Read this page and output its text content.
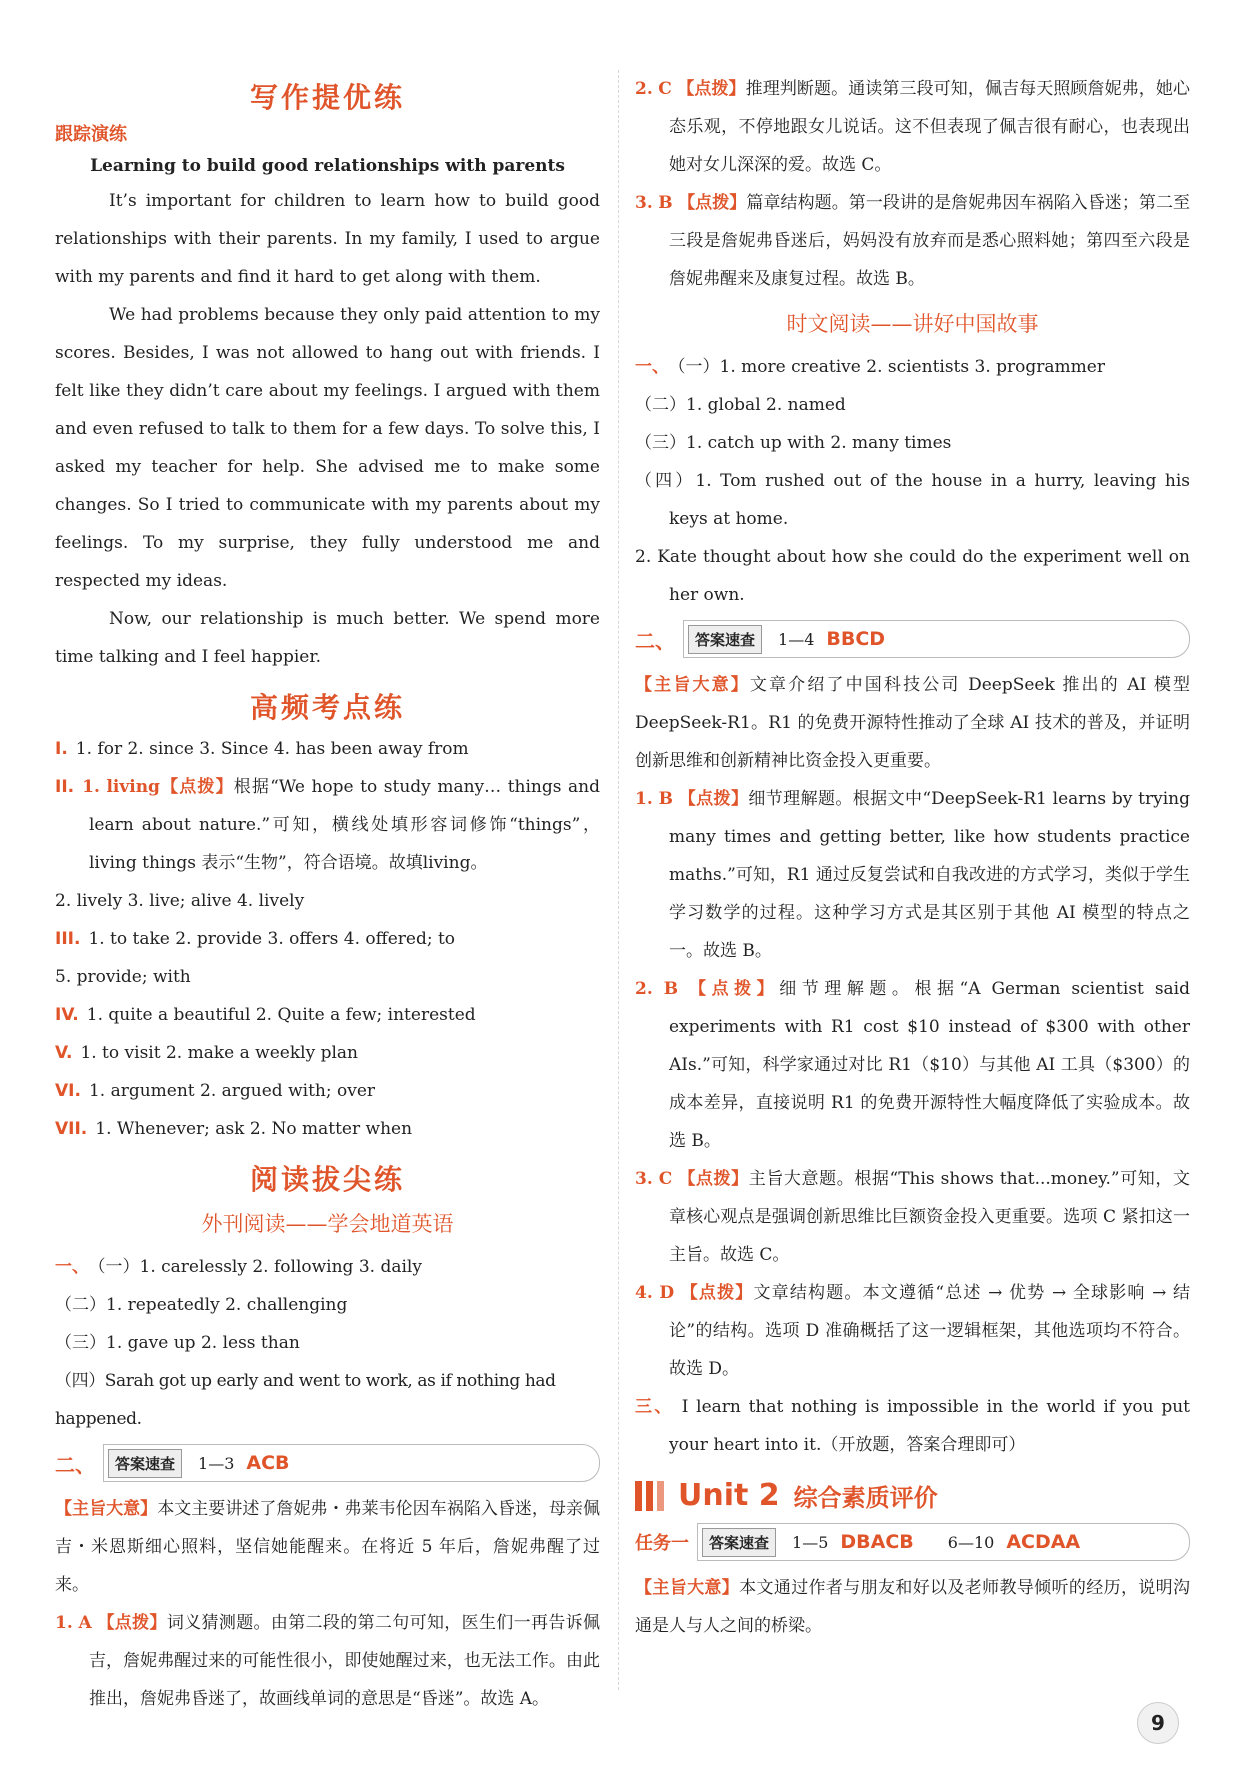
写作提优练
跟踪演练
Learning to build good relationships with parents

It’s important for children to learn how to build good relationships with their parents. In my family, I used to argue with my parents and find it hard to get along with them.

We had problems because they only paid attention to my scores. Besides, I was not allowed to hang out with friends. I felt like they didn’t care about my feelings. I argued with them and even refused to talk to them for a few days. To solve this, I asked my teacher for help. She advised me to make some changes. So I tried to communicate with my parents about my feelings. To my surprise, they fully understood me and respected my ideas.

Now, our relationship is much better. We spend more time talking and I feel happier.

高频考点练

I. 1. for 2. since 3. Since 4. has been away from

II. 1. living【点拨】根据“We hope to study many… things and learn about nature.”可知，横线处填形容词修饰“things”，living things 表示“生物”，符合语境。故填living。

2. lively 3. live; alive 4. lively

III. 1. to take 2. provide 3. offers 4. offered; to

5. provide; with

IV. 1. quite a beautiful 2. Quite a few; interested

V. 1. to visit 2. make a weekly plan

VI. 1. argument 2. argued with; over

VII. 1. Whenever; ask 2. No matter when

阅读拔尖练
外刊阅读——学会地道英语

一、 （一）1. carelessly 2. following 3. daily

（二）1. repeatedly 2. challenging

（三）1. gave up 2. less than

（四）Sarah got up early and went to work, as if nothing had happened.

二、	答案速查	1—3 ACB

【主旨大意】本文主要讲述了詹妮弗・弗莱韦伦因车祸陷入昏迷，母亲佩吉・米恩斯细心照料，坚信她能醒来。在将近 5 年后，詹妮弗醒了过来。

1. A 【点拨】词义猜测题。由第二段的第二句可知，医生们一再告诉佩吉，詹妮弗醒过来的可能性很小，即使她醒过来，也无法工作。由此推出，詹妮弗昏迷了，故画线单词的意思是“昏迷”。故选 A。

2. C 【点拨】推理判断题。通读第三段可知，佩吉每天照顾詹妮弗，她心态乐观，不停地跟女儿说话。这不但表现了佩吉很有耐心，也表现出她对女儿深深的爱。故选 C。

3. B 【点拨】篇章结构题。第一段讲的是詹妮弗因车祸陷入昏迷；第二至三段是詹妮弗昏迷后，妈妈没有放弃而是悉心照料她；第四至六段是詹妮弗醒来及康复过程。故选 B。

时文阅读——讲好中国故事

一、 （一）1. more creative 2. scientists 3. programmer

（二）1. global 2. named

（三）1. catch up with 2. many times

（四）1. Tom rushed out of the house in a hurry, leaving his keys at home.

2. Kate thought about how she could do the experiment well on her own.

二、	答案速查	1—4 BBCD

【主旨大意】文章介绍了中国科技公司 DeepSeek 推出的 AI 模型 DeepSeek-R1。R1 的免费开源特性推动了全球 AI 技术的普及，并证明创新思维和创新精神比资金投入更重要。

1. B 【点拨】细节理解题。根据文中“DeepSeek-R1 learns by trying many times and getting better, like how students practice maths.”可知，R1 通过反复尝试和自我改进的方式学习，类似于学生学习数学的过程。这种学习方式是其区别于其他 AI 模型的特点之一。故选 B。

2. B 【点拨】细节理解题。根据“A German scientist said experiments with R1 cost $10 instead of $300 with other AIs.”可知，科学家通过对比 R1（$10）与其他 AI 工具（$300）的成本差异，直接说明 R1 的免费开源特性大幅度降低了实验成本。故选 B。

3. C 【点拨】主旨大意题。根据“This shows that...money.”可知，文章核心观点是强调创新思维比巨额资金投入更重要。选项 C 紧扣这一主旨。故选 C。

4. D 【点拨】文章结构题。本文遵循“总述 → 优势 → 全球影响 → 结论”的结构。选项 D 准确概括了这一逻辑框架，其他选项均不符合。故选 D。

三、 I learn that nothing is impossible in the world if you put your heart into it.（开放题，答案合理即可）

Unit 2 综合素质评价
任务一	答案速查	1—5 DBACB 6—10 ACDAA

【主旨大意】本文通过作者与朋友和好以及老师教导倾听的经历，说明沟通是人与人之间的桥梁。

9
